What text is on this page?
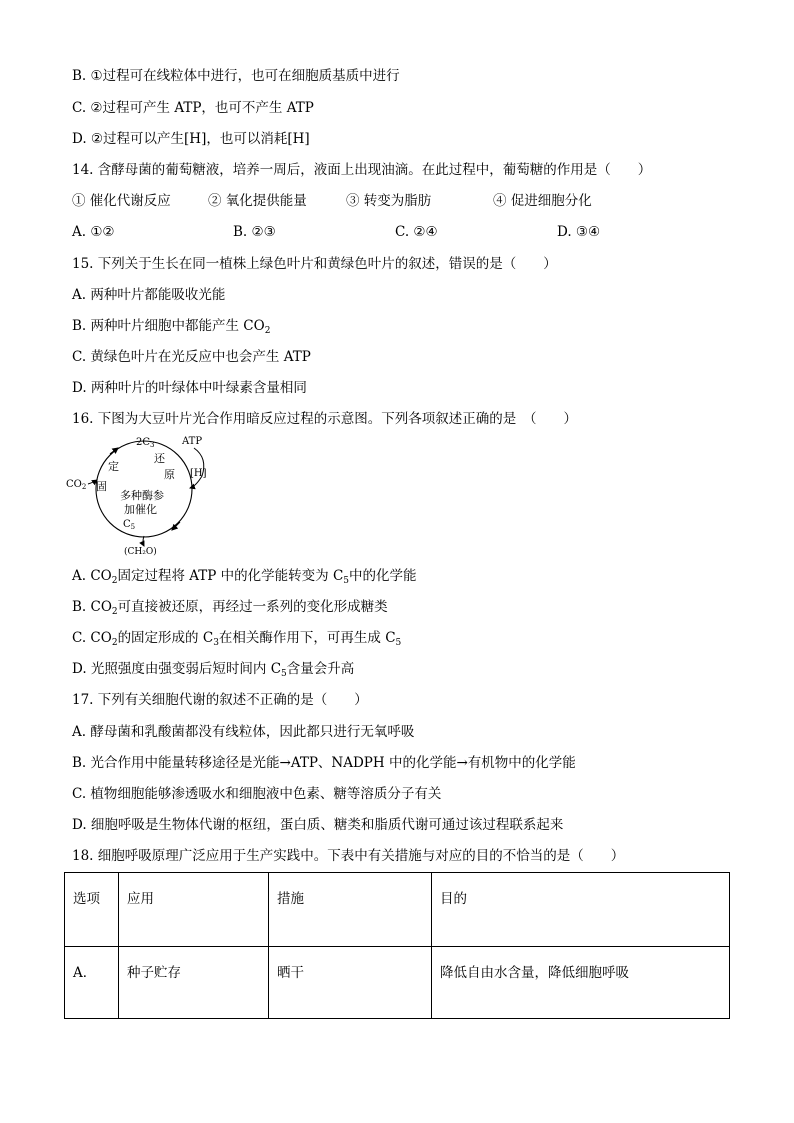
B. ①过程可在线粒体中进行，也可在细胞质基质中进行
C. ②过程可产生 ATP，也可不产生 ATP
D. ②过程可以产生[H]，也可以消耗[H]
14. 含酵母菌的葡萄糖液，培养一周后，液面上出现油滴。在此过程中，葡萄糖的作用是（　　）
① 催化代谢反应	② 氧化提供能量	③ 转变为脂肪	④ 促进细胞分化
A. ①②	B. ②③	C. ②④	D. ③④
15. 下列关于生长在同一植株上绿色叶片和黄绿色叶片的叙述，错误的是（　　）
A. 两种叶片都能吸收光能
B. 两种叶片细胞中都能产生 $CO_2$
C. 黄绿色叶片在光反应中也会产生 ATP
D. 两种叶片的叶绿体中叶绿素含量相同
16. 下图为大豆叶片光合作用暗反应过程的示意图。下列各项叙述正确的是　（　　）
$2C_3$	ATP
[H]
$CO_2$
$C_5$
(CH₂O)
定
固
还
原
多种酶参
加催化
A. $CO_2$固定过程将 ATP 中的化学能转变为 $C_5$中的化学能
B. $CO_2$可直接被还原，再经过一系列的变化形成糖类
C. $CO_2$的固定形成的 $C_3$在相关酶作用下，可再生成 $C_5$
D. 光照强度由强变弱后短时间内 $C_5$含量会升高
17. 下列有关细胞代谢的叙述不正确的是（　　）
A. 酵母菌和乳酸菌都没有线粒体，因此都只进行无氧呼吸
B. 光合作用中能量转移途径是光能→ATP、NADPH 中的化学能→有机物中的化学能
C. 植物细胞能够渗透吸水和细胞液中色素、糖等溶质分子有关
D. 细胞呼吸是生物体代谢的枢纽，蛋白质、糖类和脂质代谢可通过该过程联系起来
18. 细胞呼吸原理广泛应用于生产实践中。下表中有关措施与对应的目的不恰当的是（　　）
选项	应用	措施	目的
A．	种子贮存	晒干	降低自由水含量，降低细胞呼吸
